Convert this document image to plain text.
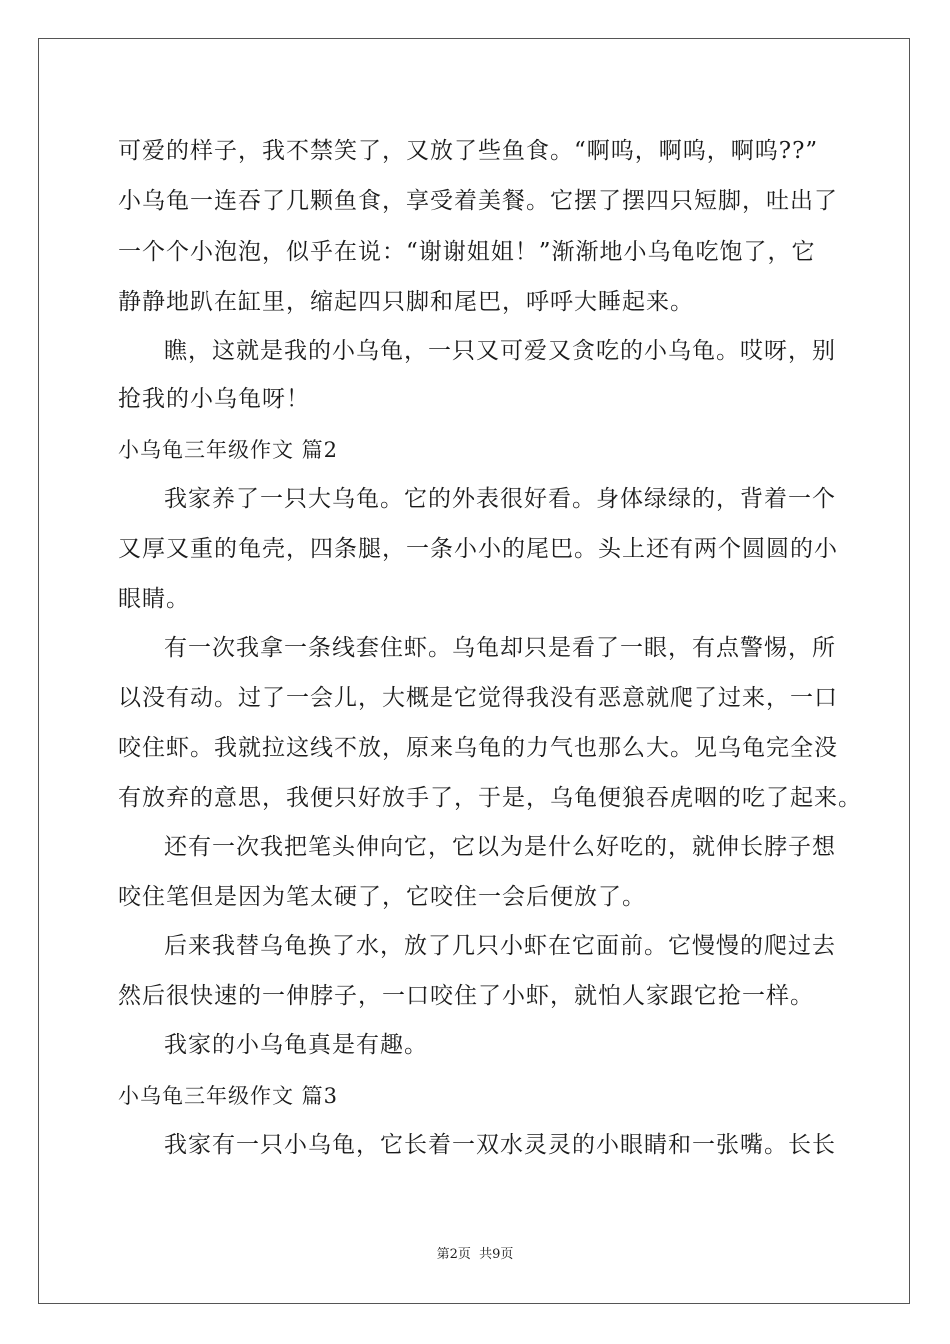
可爱的样子，我不禁笑了，又放了些鱼食。“啊呜，啊呜，啊呜??”
小乌龟一连吞了几颗鱼食，享受着美餐。它摆了摆四只短脚，吐出了
一个个小泡泡，似乎在说：“谢谢姐姐！”渐渐地小乌龟吃饱了，它
静静地趴在缸里，缩起四只脚和尾巴，呼呼大睡起来。
瞧，这就是我的小乌龟，一只又可爱又贪吃的小乌龟。哎呀，别
抢我的小乌龟呀！
小乌龟三年级作文 篇2
我家养了一只大乌龟。它的外表很好看。身体绿绿的，背着一个
又厚又重的龟壳，四条腿，一条小小的尾巴。头上还有两个圆圆的小
眼睛。
有一次我拿一条线套住虾。乌龟却只是看了一眼，有点警惕，所
以没有动。过了一会儿，大概是它觉得我没有恶意就爬了过来，一口
咬住虾。我就拉这线不放，原来乌龟的力气也那么大。见乌龟完全没
有放弃的意思，我便只好放手了，于是，乌龟便狼吞虎咽的吃了起来。
还有一次我把笔头伸向它，它以为是什么好吃的，就伸长脖子想
咬住笔但是因为笔太硬了，它咬住一会后便放了。
后来我替乌龟换了水，放了几只小虾在它面前。它慢慢的爬过去
然后很快速的一伸脖子，一口咬住了小虾，就怕人家跟它抢一样。
我家的小乌龟真是有趣。
小乌龟三年级作文 篇3
我家有一只小乌龟，它长着一双水灵灵的小眼睛和一张嘴。长长
第2页 共9页
